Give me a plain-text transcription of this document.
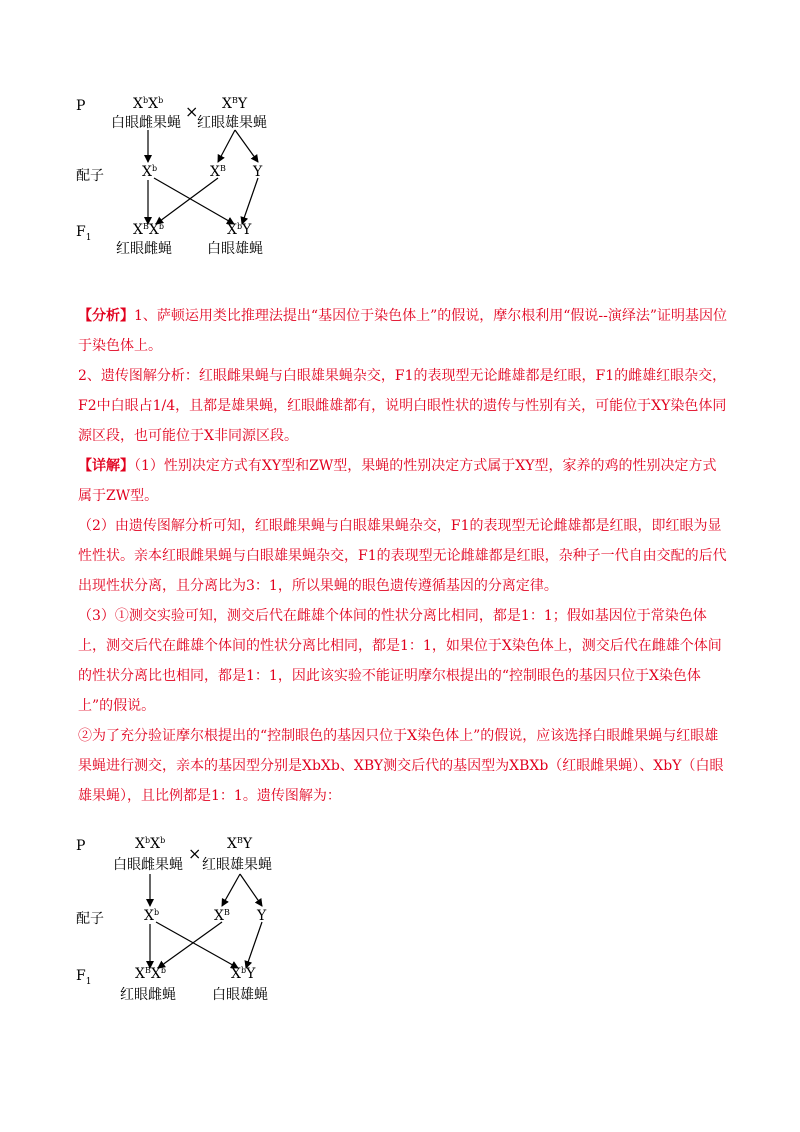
P	$X^bX^b$
× $X^BY$
白眼雌果蝇 红眼雄果蝇
配子	$X^b$	$X^B$ Y
$F_1$	$X^BX^b$	$X^bY$
红眼雌蝇	白眼雄蝇

【分析】1、萨顿运用类比推理法提出“基因位于染色体上”的假说，摩尔根利用“假说--演绎法”证明基因位于染色体上。

2、遗传图解分析：红眼雌果蝇与白眼雄果蝇杂交，F1的表现型无论雌雄都是红眼，F1的雌雄红眼杂交，F2中白眼占1/4，且都是雄果蝇，红眼雌雄都有，说明白眼性状的遗传与性别有关，可能位于XY染色体同源区段，也可能位于X非同源区段。

【详解】（1）性别决定方式有XY型和ZW型，果蝇的性别决定方式属于XY型，家养的鸡的性别决定方式属于ZW型。

（2）由遗传图解分析可知，红眼雌果蝇与白眼雄果蝇杂交，F1的表现型无论雌雄都是红眼，即红眼为显性性状。亲本红眼雌果蝇与白眼雄果蝇杂交，F1的表现型无论雌雄都是红眼，杂种子一代自由交配的后代出现性状分离，且分离比为3：1，所以果蝇的眼色遗传遵循基因的分离定律。

（3）①测交实验可知，测交后代在雌雄个体间的性状分离比相同，都是1：1；假如基因位于常染色体上，测交后代在雌雄个体间的性状分离比相同，都是1：1，如果位于X染色体上，测交后代在雌雄个体间的性状分离比也相同，都是1：1，因此该实验不能证明摩尔根提出的“控制眼色的基因只位于X染色体上”的假说。

②为了充分验证摩尔根提出的“控制眼色的基因只位于X染色体上”的假说，应该选择白眼雌果蝇与红眼雄果蝇进行测交，亲本的基因型分别是XbXb、XBY测交后代的基因型为XBXb（红眼雌果蝇）、XbY（白眼雄果蝇），且比例都是1：1。遗传图解为：

P	$X^bX^b$
× $X^BY$
白眼雌果蝇 红眼雄果蝇
配子	$X^b$	$X^B$ Y
$F_1$	$X^BX^b$	$X^bY$
红眼雌蝇	白眼雄蝇
